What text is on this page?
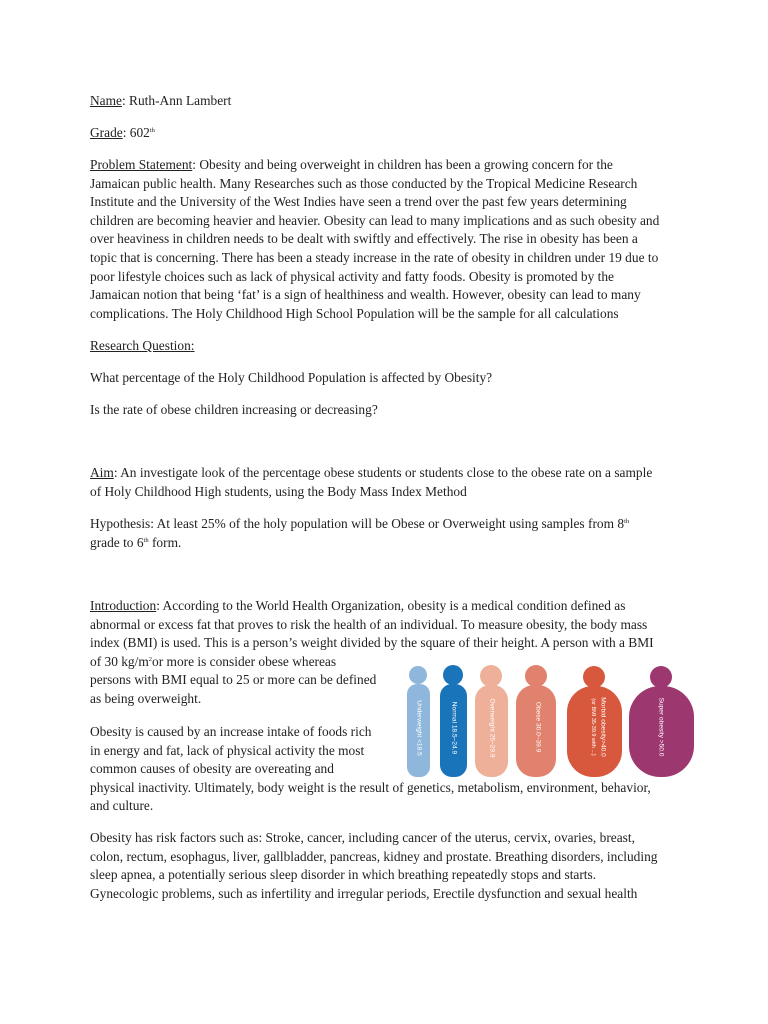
Name: Ruth-Ann Lambert

Grade: 602th

Problem Statement: Obesity and being overweight in children has been a growing concern for the
Jamaican public health. Many Researches such as those conducted by the Tropical Medicine Research
Institute and the University of the West Indies have seen a trend over the past few years determining
children are becoming heavier and heavier. Obesity can lead to many implications and as such obesity and
over heaviness in children needs to be dealt with swiftly and effectively. The rise in obesity has been a
topic that is concerning. There has been a steady increase in the rate of obesity in children under 19 due to
poor lifestyle choices such as lack of physical activity and fatty foods. Obesity is promoted by the
Jamaican notion that being ‘fat’ is a sign of healthiness and wealth. However, obesity can lead to many
complications. The Holy Childhood High School Population will be the sample for all calculations

Research Question:

What percentage of the Holy Childhood Population is affected by Obesity?

Is the rate of obese children increasing or decreasing?

Aim: An investigate look of the percentage obese students or students close to the obese rate on a sample
of Holy Childhood High students, using the Body Mass Index Method
Hypothesis: At least 25% of the holy population will be Obese or Overweight using samples from 8th
grade to 6th form.
Introduction: According to the World Health Organization, obesity is a medical condition defined as
abnormal or excess fat that proves to risk the health of an individual. To measure obesity, the body mass
index (BMI) is used. This is a person’s weight divided by the square of their height. A person with a BMI
of 30 $kg/m^2or$ more is consider obese whereas
persons with BMI equal to 25 or more can be defined
as being overweight.
Obesity is caused by an increase intake of foods rich
in energy and fat, lack of physical activity the most
common causes of obesity are overeating and
physical inactivity. Ultimately, body weight is the result of genetics, metabolism, environment, behavior,
and culture.
Obesity has risk factors such as: Stroke, cancer, including cancer of the uterus, cervix, ovaries, breast,
colon, rectum, esophagus, liver, gallbladder, pancreas, kidney and prostate. Breathing disorders, including
sleep apnea, a potentially serious sleep disorder in which breathing repeatedly stops and starts.
Gynecologic problems, such as infertility and irregular periods, Erectile dysfunction and sexual health
Underweight <18.5	Normal 18.5–24.9	Overweight 25–29.9	Obese 30.0–39.9	Morbid obesity>40.0
(or BMI 35-39.9 with ...)	Super obesity >50.0
